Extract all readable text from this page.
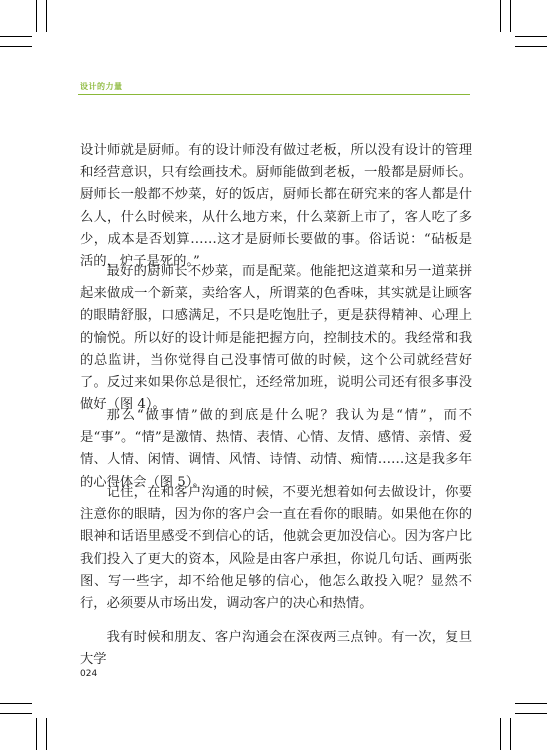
设计的力量

设计师就是厨师。有的设计师没有做过老板，所以没有设计的管理和经营意识，只有绘画技术。厨师能做到老板，一般都是厨师长。厨师长一般都不炒菜，好的饭店，厨师长都在研究来的客人都是什么人，什么时候来，从什么地方来，什么菜新上市了，客人吃了多少，成本是否划算……这才是厨师长要做的事。俗话说：“砧板是活的，炉子是死的。”

最好的厨师长不炒菜，而是配菜。他能把这道菜和另一道菜拼起来做成一个新菜，卖给客人，所谓菜的色香味，其实就是让顾客的眼睛舒服，口感满足，不只是吃饱肚子，更是获得精神、心理上的愉悦。所以好的设计师是能把握方向，控制技术的。我经常和我的总监讲，当你觉得自己没事情可做的时候，这个公司就经营好了。反过来如果你总是很忙，还经常加班，说明公司还有很多事没做好（图 4）。

那么“做事情”做的到底是什么呢？我认为是“情”，而不是“事”。“情”是激情、热情、表情、心情、友情、感情、亲情、爱情、人情、闲情、调情、风情、诗情、动情、痴情……这是我多年的心得体会（图 5）。

记住，在和客户沟通的时候，不要光想着如何去做设计，你要注意你的眼睛，因为你的客户会一直在看你的眼睛。如果他在你的眼神和话语里感受不到信心的话，他就会更加没信心。因为客户比我们投入了更大的资本，风险是由客户承担，你说几句话、画两张图、写一些字，却不给他足够的信心，他怎么敢投入呢？显然不行，必须要从市场出发，调动客户的决心和热情。

我有时候和朋友、客户沟通会在深夜两三点钟。有一次，复旦大学

024
